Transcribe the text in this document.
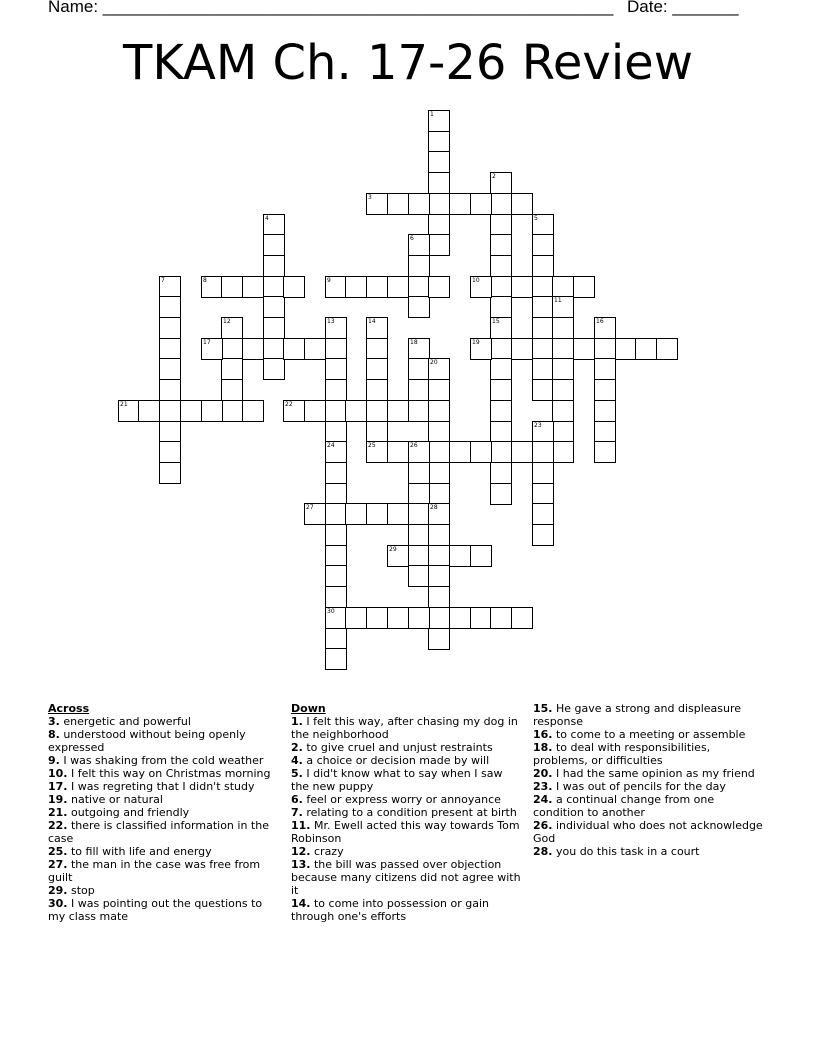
Name: ______________________________________________________ Date: _______
TKAM Ch. 17-26 Review
1
2
15
3
4	5
6
7	8	9	10
11
12	13	14	16
17	18	19
20
21	22
23
24
30
25	26
27	28
29
Across
3. energetic and powerful
8. understood without being openly expressed
9. I was shaking from the cold weather
10. I felt this way on Christmas morning
17. I was regreting that I didn't study
19. native or natural
21. outgoing and friendly
22. there is classified information in the case
25. to fill with life and energy
27. the man in the case was free from guilt
29. stop
30. I was pointing out the questions to my class mate
Down
1. I felt this way, after chasing my dog in the neighborhood
2. to give cruel and unjust restraints
4. a choice or decision made by will
5. I did't know what to say when I saw the new puppy
6. feel or express worry or annoyance
7. relating to a condition present at birth
11. Mr. Ewell acted this way towards Tom Robinson
12. crazy
13. the bill was passed over objection because many citizens did not agree with it
14. to come into possession or gain through one's efforts
15. He gave a strong and displeasure response
16. to come to a meeting or assemble
18. to deal with responsibilities, problems, or difficulties
20. I had the same opinion as my friend
23. I was out of pencils for the day
24. a continual change from one condition to another
26. individual who does not acknowledge God
28. you do this task in a court
